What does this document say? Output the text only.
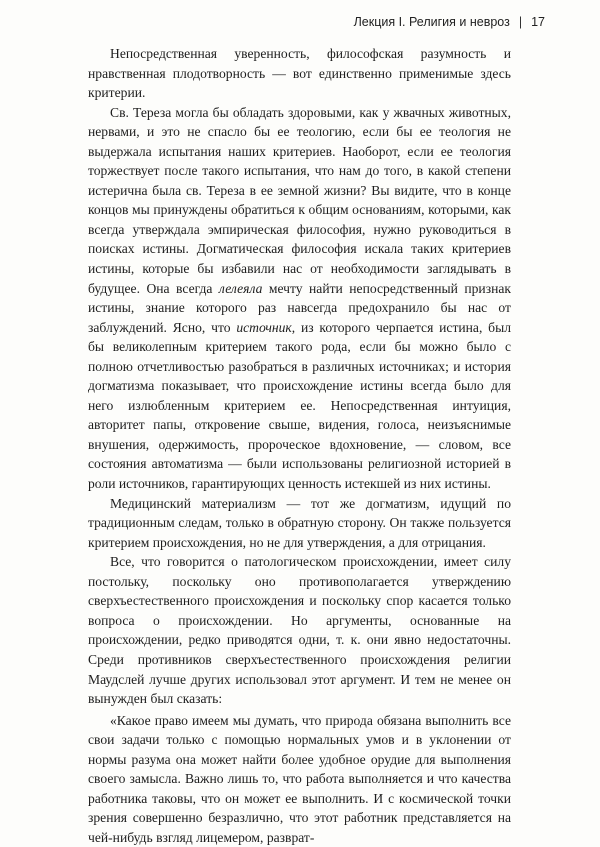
Лекция I. Религия и невроз | 17

Непосредственная уверенность, философская разумность и нравственная плодотворность — вот единственно применимые здесь критерии.

Св. Тереза могла бы обладать здоровыми, как у жвачных животных, нервами, и это не спасло бы ее теологию, если бы ее теология не выдержала испытания наших критериев. Наоборот, если ее теология торжествует после такого испытания, что нам до того, в какой степени истерична была св. Тереза в ее земной жизни? Вы видите, что в конце концов мы принуждены обратиться к общим основаниям, которыми, как всегда утверждала эмпирическая философия, нужно руководиться в поисках истины. Догматическая философия искала таких критериев истины, которые бы избавили нас от необходимости заглядывать в будущее. Она всегда лелеяла мечту найти непосредственный признак истины, знание которого раз навсегда предохранило бы нас от заблуждений. Ясно, что источник, из которого черпается истина, был бы великолепным критерием такого рода, если бы можно было с полною отчетливостью разобраться в различных источниках; и история догматизма показывает, что происхождение истины всегда было для него излюбленным критерием ее. Непосредственная интуиция, авторитет папы, откровение свыше, видения, голоса, неизъяснимые внушения, одержимость, пророческое вдохновение, — словом, все состояния автоматизма — были использованы религиозной историей в роли источников, гарантирующих ценность истекшей из них истины.

Медицинский материализм — тот же догматизм, идущий по традиционным следам, только в обратную сторону. Он также пользуется критерием происхождения, но не для утверждения, а для отрицания.

Все, что говорится о патологическом происхождении, имеет силу постольку, поскольку оно противополагается утверждению сверхъестественного происхождения и поскольку спор касается только вопроса о происхождении. Но аргументы, основанные на происхождении, редко приводятся одни, т. к. они явно недостаточны. Среди противников сверхъестественного происхождения религии Маудслей лучше других использовал этот аргумент. И тем не менее он вынужден был сказать:

«Какое право имеем мы думать, что природа обязана выполнить все свои задачи только с помощью нормальных умов и в уклонении от нормы разума она может найти более удобное орудие для выполнения своего замысла. Важно лишь то, что работа выполняется и что качества работника таковы, что он может ее выполнить. И с космической точки зрения совершенно безразлично, что этот работник представляется на чей-нибудь взгляд лицемером, разврат-
